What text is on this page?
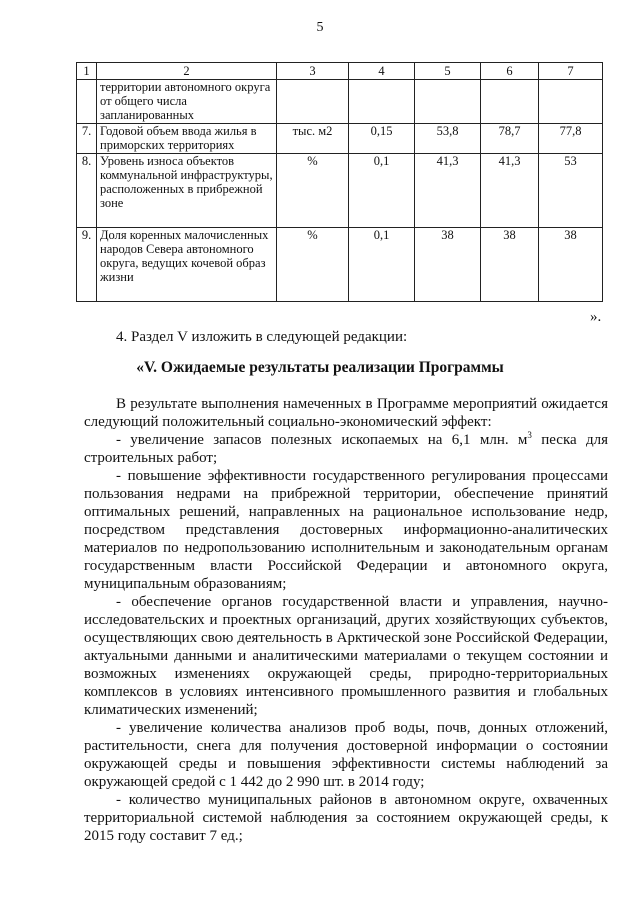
5
1	2	3	4	5	6	7
	территории автономного округа от общего числа запланированных					
7.	Годовой объем ввода жилья в приморских территориях	тыс. м2	0,15	53,8	78,7	77,8
8.	Уровень износа объектов коммунальной инфраструктуры, расположенных в прибрежной зоне	%	0,1	41,3	41,3	53
9.	Доля коренных малочисленных народов Севера автономного округа, ведущих кочевой образ жизни	%	0,1	38	38	38
».
4. Раздел V изложить в следующей редакции:
«V. Ожидаемые результаты реализации Программы

В результате выполнения намеченных в Программе мероприятий ожидается следующий положительный социально-экономический эффект:

- увеличение запасов полезных ископаемых на 6,1 млн. $м^3$ песка для строительных работ;

- повышение эффективности государственного регулирования процессами пользования недрами на прибрежной территории, обеспечение принятий оптимальных решений, направленных на рациональное использование недр, посредством представления достоверных информационно-аналитических материалов по недропользованию исполнительным и законодательным органам государственным власти Российской Федерации и автономного округа, муниципальным образованиям;

- обеспечение органов государственной власти и управления, научно-исследовательских и проектных организаций, других хозяйствующих субъектов, осуществляющих свою деятельность в Арктической зоне Российской Федерации, актуальными данными и аналитическими материалами о текущем состоянии и возможных изменениях окружающей среды, природно-территориальных комплексов в условиях интенсивного промышленного развития и глобальных климатических изменений;

- увеличение количества анализов проб воды, почв, донных отложений, растительности, снега для получения достоверной информации о состоянии окружающей среды и повышения эффективности системы наблюдений за окружающей средой с 1 442 до 2 990 шт. в 2014 году;

- количество муниципальных районов в автономном округе, охваченных территориальной системой наблюдения за состоянием окружающей среды, к 2015 году составит 7 ед.;
